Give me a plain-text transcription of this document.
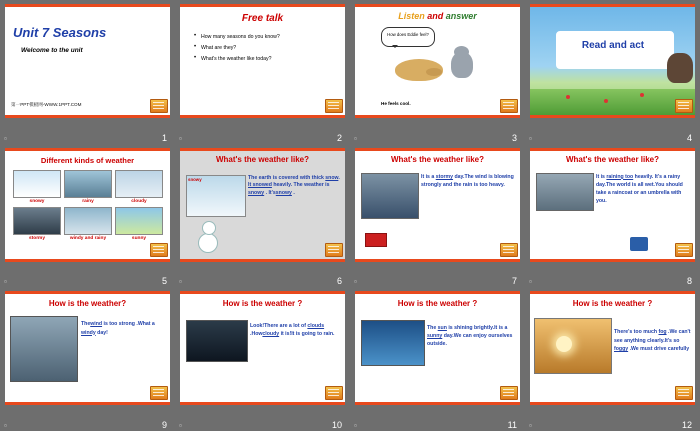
Unit 7 Seasons
Welcome to the unit
第一PPT模板网-WWW.1PPT.COM
▫	1
Free talk
• How many seasons do you know?
• What are they?
• What's the weather like today?
▫	2
Listen and answer
How does Eddie feel?
He feels cool.
▫	3
Read and act
▫	4
Different kinds of weather
snowy	rainy	cloudy
stormy	windy and rainy	sunny
▫	5
What's the weather like?
snowy	The earth is covered with thick snow. It snowed heavily. The weather is snowy . It'ssnowy .
▫	6
What's the weather like?
It is a stormy day.The wind is blowing strongly and the rain is too heavy.
▫	7
What's the weather like?
It is raining too heavily. It's a rainy day.The world is all wet.You should take a raincoat or an umbrella with you.
▫	8
How is the weather?
Thewind is too strong .What a windy day!
▫	9
How is the weather ?
Look!There are a lot of clouds .Howcloudy it is!It is going to rain.
▫	10
How is the weather ?
The sun is shining brightly.It is a sunny day.We can enjoy ourselves outside.
▫	11
How is the weather ?
There's too much fog .We can't see anything clearly.It's so foggy .We must drive carefully
▫	12
